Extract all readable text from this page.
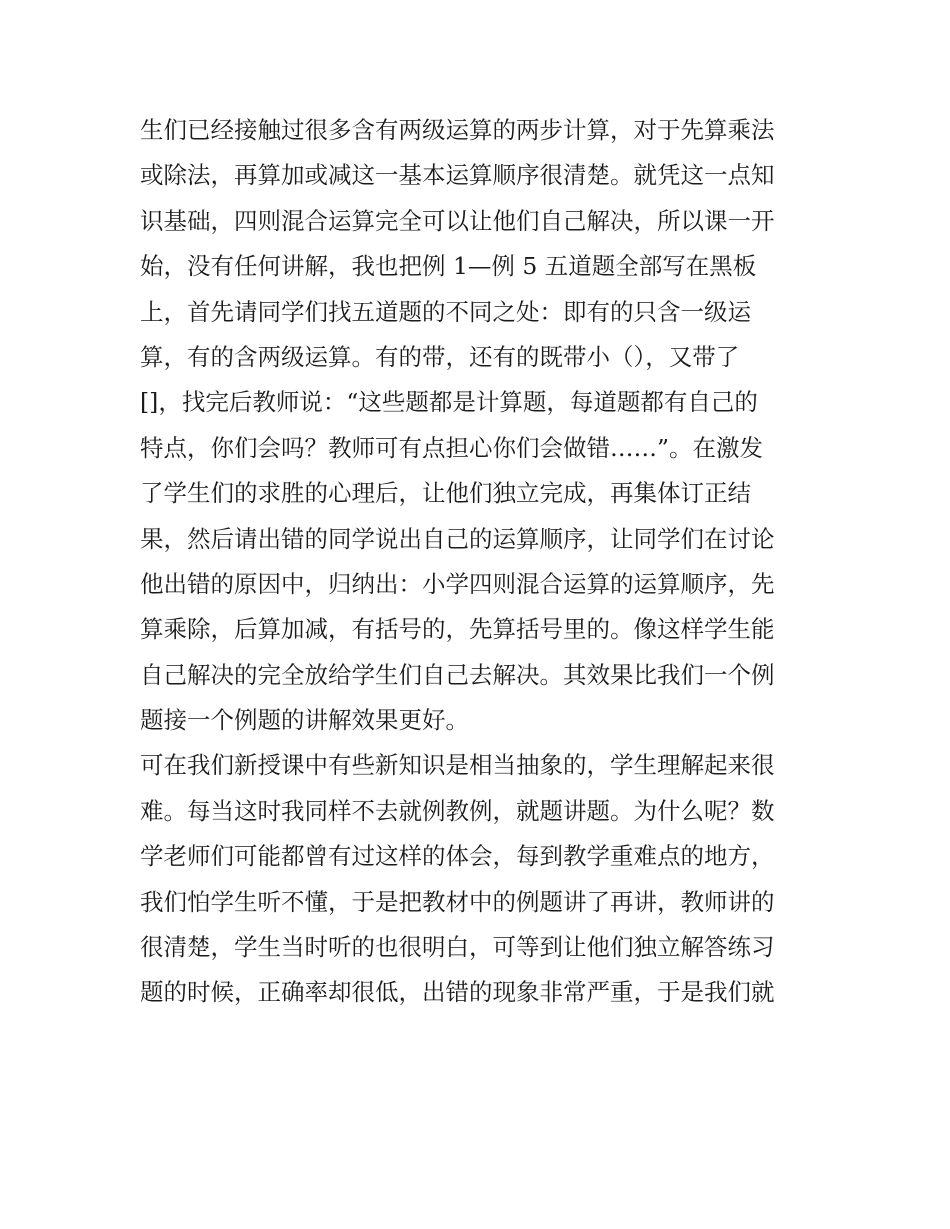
生们已经接触过很多含有两级运算的两步计算，对于先算乘法
或除法，再算加或减这一基本运算顺序很清楚。就凭这一点知
识基础，四则混合运算完全可以让他们自己解决，所以课一开
始，没有任何讲解，我也把例 1—例 5 五道题全部写在黑板
上，首先请同学们找五道题的不同之处：即有的只含一级运
算，有的含两级运算。有的带，还有的既带小（），又带了
[]，找完后教师说：“这些题都是计算题，每道题都有自己的
特点，你们会吗？教师可有点担心你们会做错……”。在激发
了学生们的求胜的心理后，让他们独立完成，再集体订正结
果，然后请出错的同学说出自己的运算顺序，让同学们在讨论
他出错的原因中，归纳出：小学四则混合运算的运算顺序，先
算乘除，后算加减，有括号的，先算括号里的。像这样学生能
自己解决的完全放给学生们自己去解决。其效果比我们一个例
题接一个例题的讲解效果更好。
可在我们新授课中有些新知识是相当抽象的，学生理解起来很
难。每当这时我同样不去就例教例，就题讲题。为什么呢？数
学老师们可能都曾有过这样的体会，每到教学重难点的地方，
我们怕学生听不懂，于是把教材中的例题讲了再讲，教师讲的
很清楚，学生当时听的也很明白，可等到让他们独立解答练习
题的时候，正确率却很低，出错的现象非常严重，于是我们就
